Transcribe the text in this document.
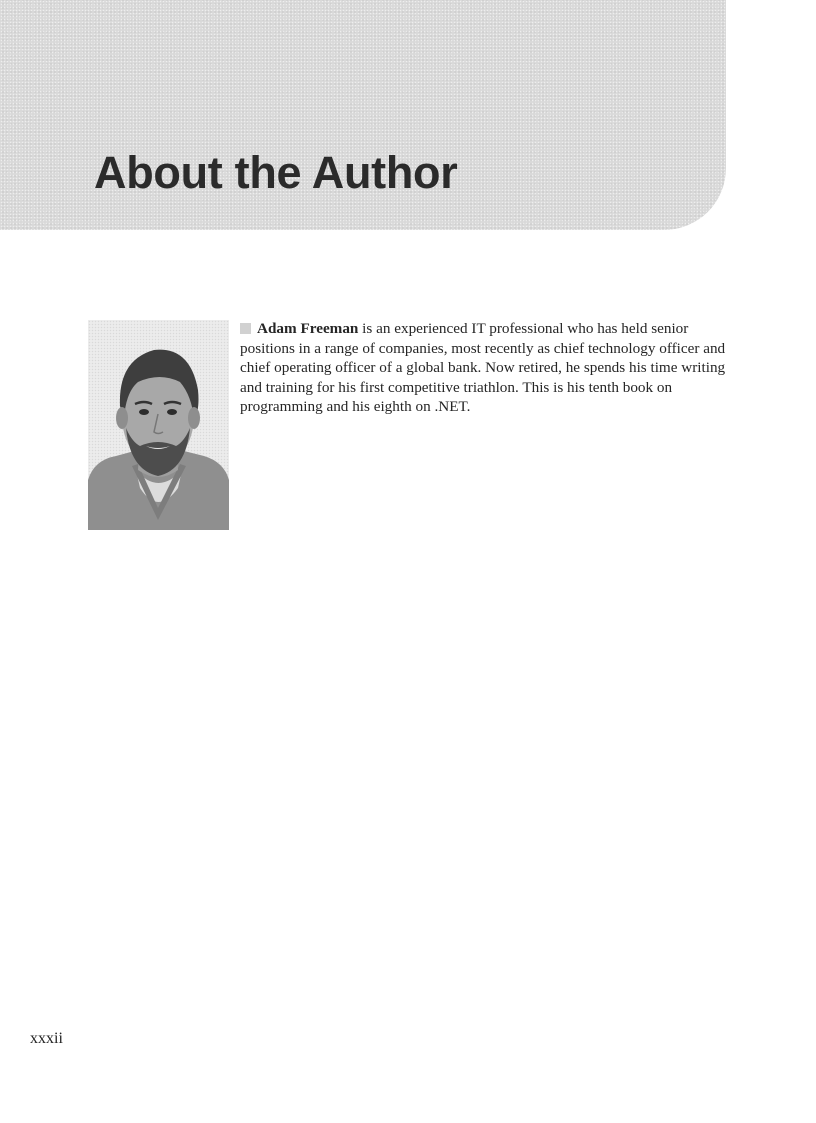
About the Author

Adam Freeman is an experienced IT professional who has held senior positions in a range of companies, most recently as chief technology officer and chief operating officer of a global bank. Now retired, he spends his time writing and training for his first competitive triathlon. This is his tenth book on programming and his eighth on .NET.

xxxii
